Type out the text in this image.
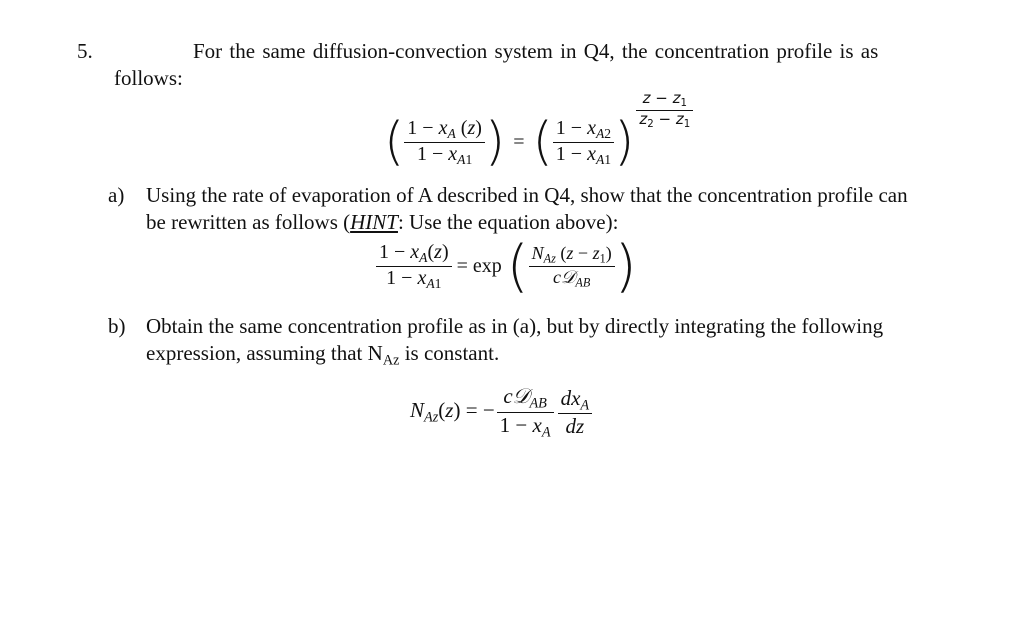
5.	For the same diffusion-convection system in Q4, the concentration profile is as
follows:
( $\frac{1 - x_A (z)}{1 - x_{A1}}$ ) = ( $\frac{1 - x_{A2}}{1 - x_{A1}}$ )
$\frac{z - z_1}{z_2 - z_1}$
a) Using the rate of evaporation of A described in Q4, show that the concentration profile can
be rewritten as follows (HINT: Use the equation above):
$\frac{1 - x_A(z)}{1 - x_{A1}} = \exp$ ( $\frac{N_{Az} (z - z_1)}{c𝒟_{AB}}$ )
b) Obtain the same concentration profile as in (a), but by directly integrating the following
expression, assuming that $N_{Az}$ is constant.
$N_{Az}(z)$ = − $\frac{c𝒟_{AB}}{1 - x_A} \frac{dx_A}{dz}$
